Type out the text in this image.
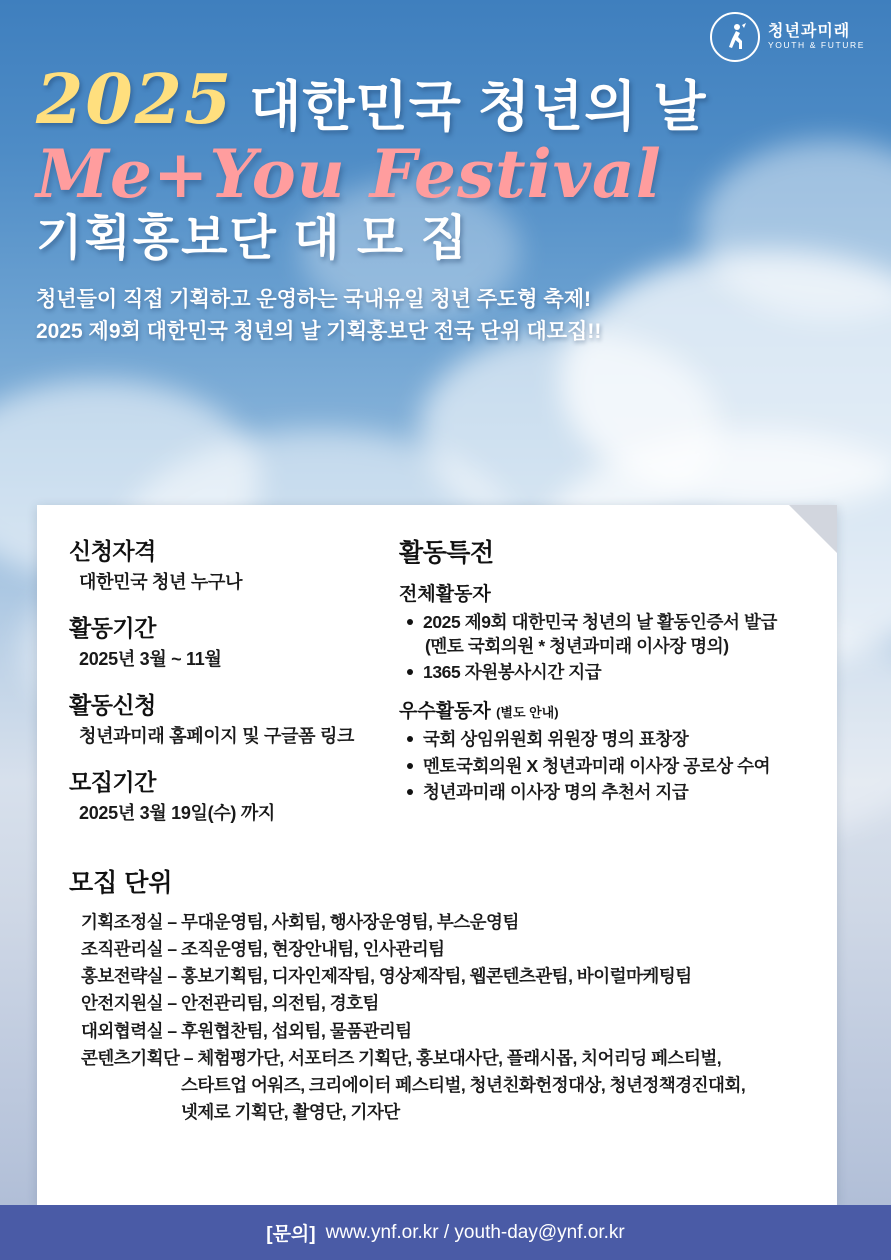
청년과미래
YOUTH & FUTURE
2025 대한민국 청년의 날
Me+You Festival
기획홍보단 대 모 집
청년들이 직접 기획하고 운영하는 국내유일 청년 주도형 축제!
2025 제9회 대한민국 청년의 날 기획홍보단 전국 단위 대모집!!
신청자격

대한민국 청년 누구나

활동기간

2025년 3월 ~ 11월

활동신청

청년과미래 홈페이지 및 구글폼 링크

모집기간

2025년 3월 19일(수) 까지

활동특전
전체활동자
2025 제9회 대한민국 청년의 날 활동인증서 발급
(멘토 국회의원 * 청년과미래 이사장 명의)
1365 자원봉사시간 지급
우수활동자 (별도 안내)
국회 상임위원회 위원장 명의 표창장
멘토국회의원 X 청년과미래 이사장 공로상 수여
청년과미래 이사장 명의 추천서 지급
모집 단위
기획조정실 –
무대운영팀, 사회팀, 행사장운영팀, 부스운영팀
조직관리실 –
조직운영팀, 현장안내팀, 인사관리팀
홍보전략실 –
홍보기획팀, 디자인제작팀, 영상제작팀, 웹콘텐츠관팀, 바이럴마케팅팀
안전지원실 –
안전관리팀, 의전팀, 경호팀
대외협력실 –
후원협찬팀, 섭외팀, 물품관리팀
콘텐츠기획단 –
체험평가단, 서포터즈 기획단, 홍보대사단, 플래시몹, 치어리딩 페스티벌,
스타트업 어워즈, 크리에이터 페스티벌, 청년친화헌정대상, 청년정책경진대회,
넷제로 기획단, 촬영단, 기자단
[문의] www.ynf.or.kr / youth-day@ynf.or.kr
